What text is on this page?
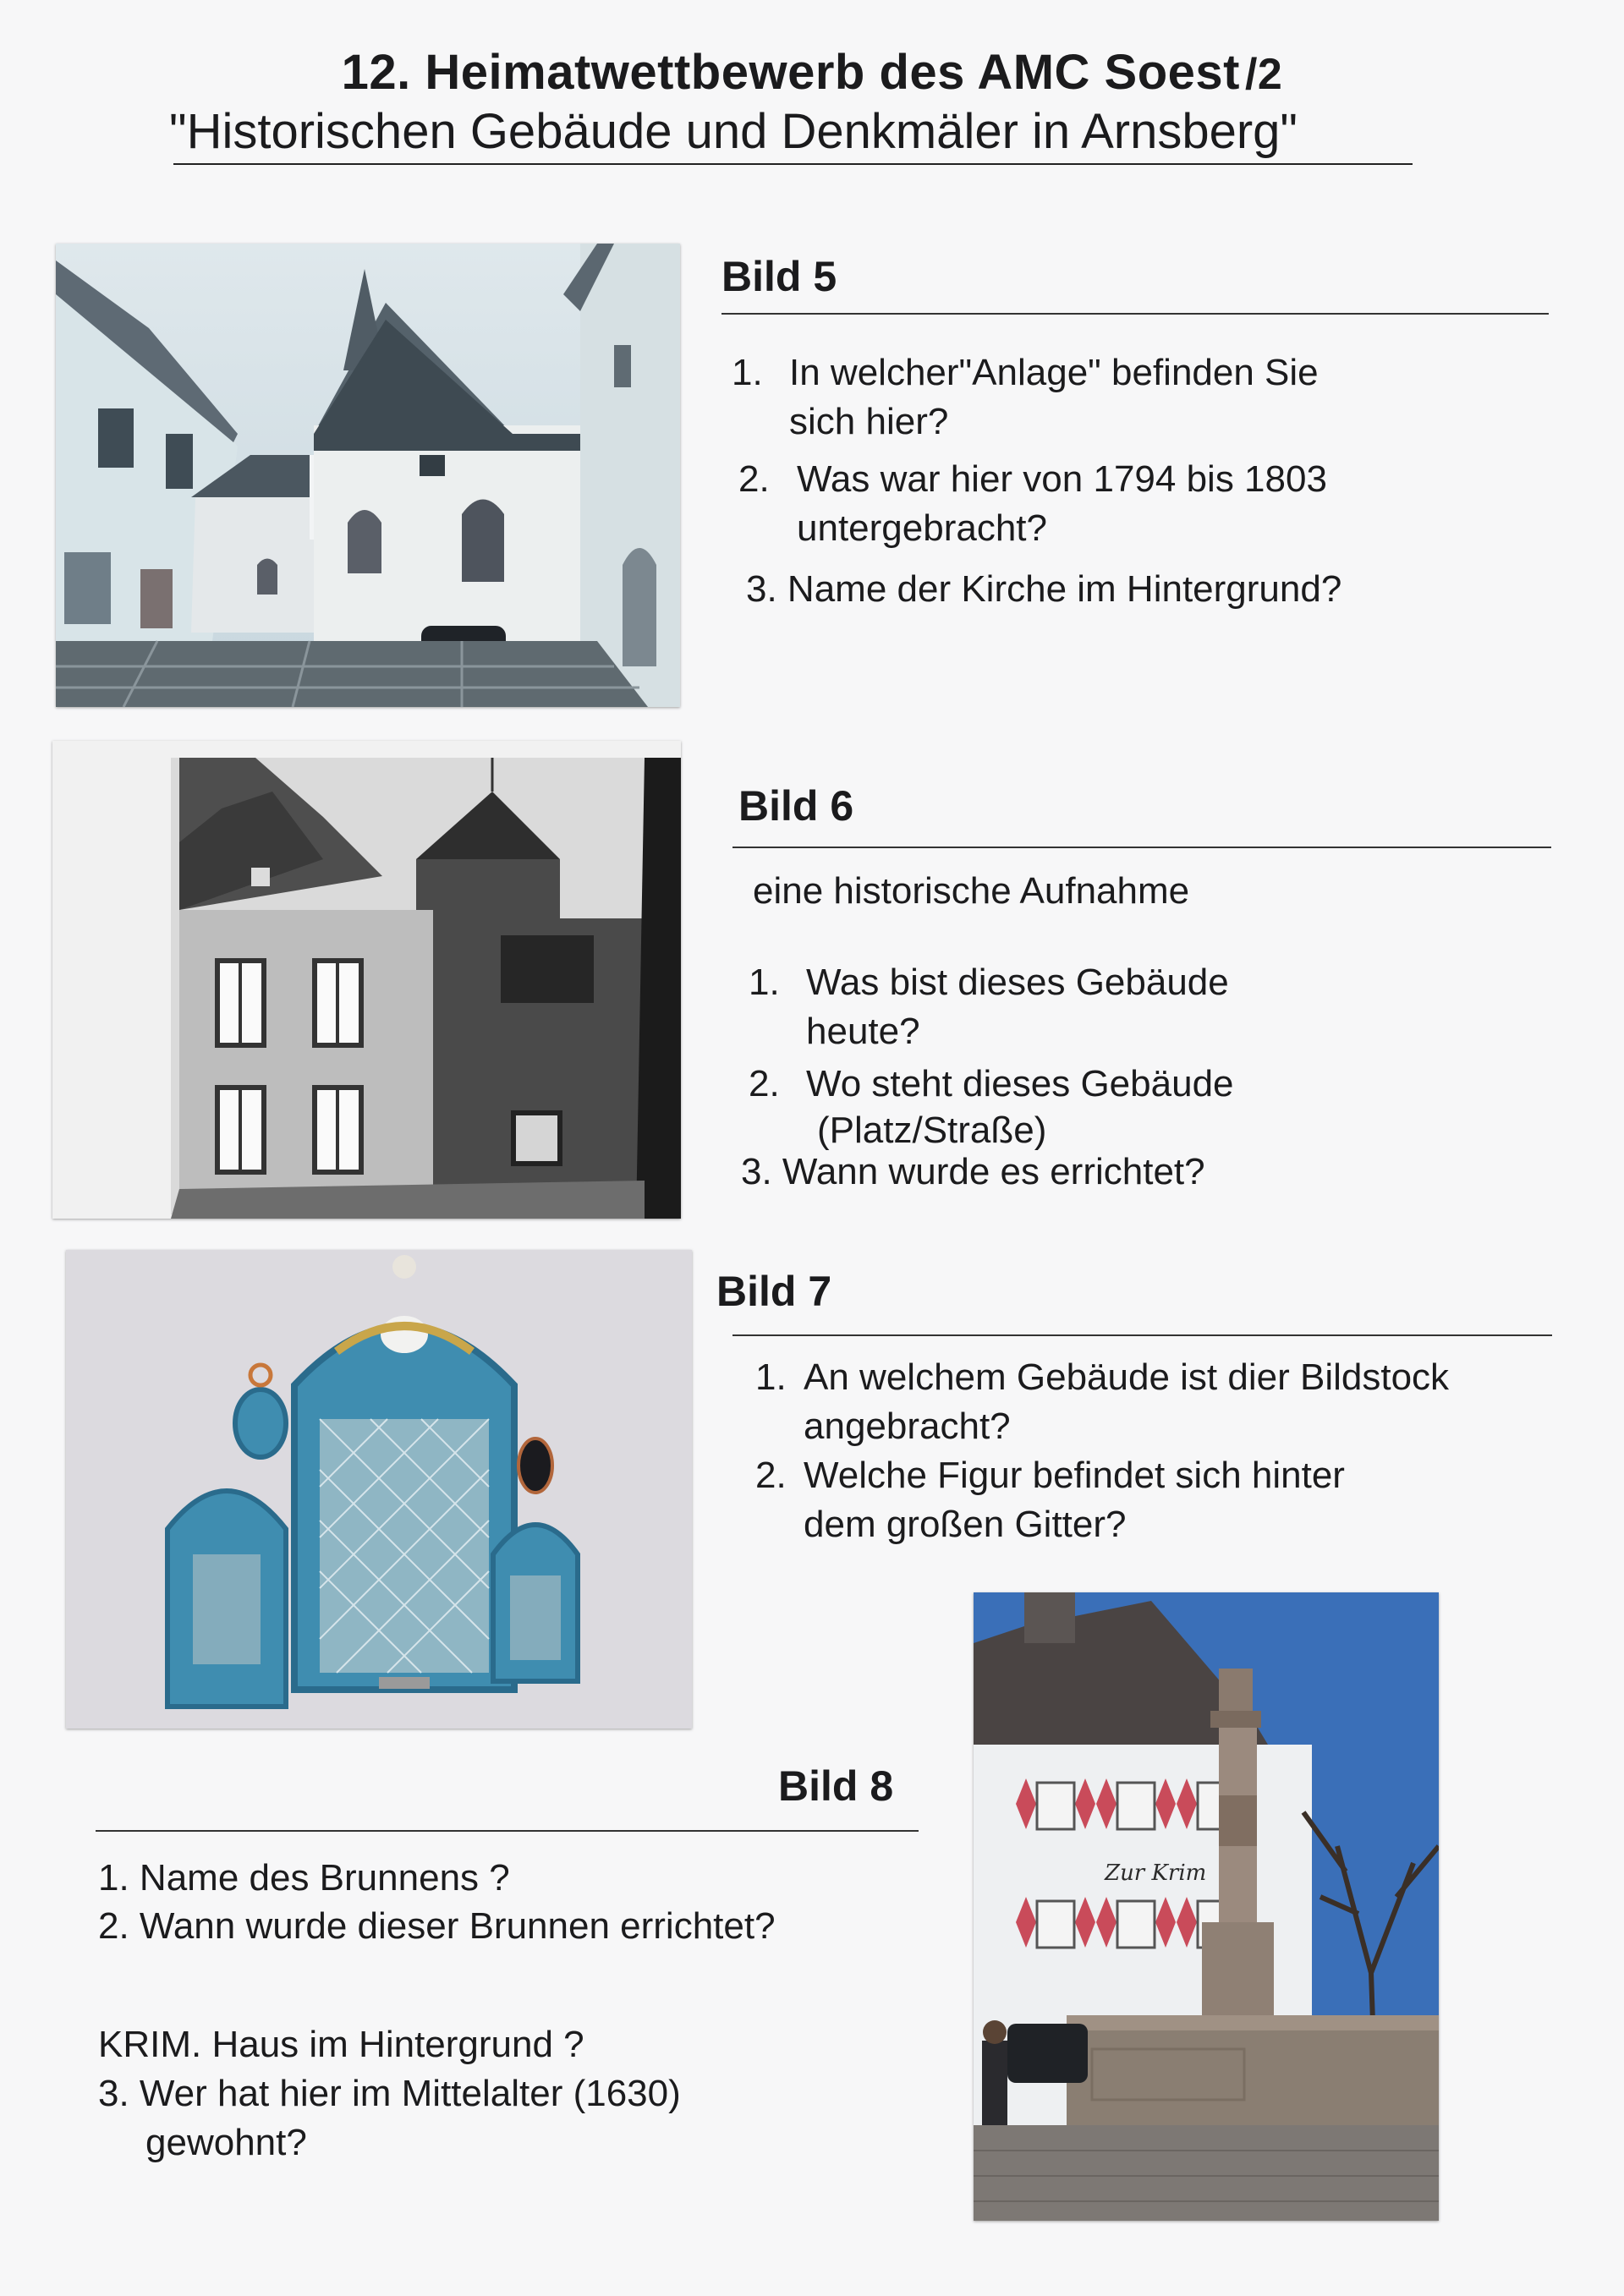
12. Heimatwettbewerb des AMC Soest /2
"Historischen Gebäude und Denkmäler in Arnsberg"
Bild 5
1. In welcher"Anlage" befinden Sie
sich hier?
2. Was war hier von 1794 bis 1803
untergebracht?
3. Name der Kirche im Hintergrund?
Bild 6
eine historische Aufnahme
1. Was bist dieses Gebäude
heute?
2. Wo steht dieses Gebäude
(Platz/Straße)
3. Wann wurde es errichtet?
Bild 7
1. An welchem Gebäude ist dier Bildstock
angebracht?
2. Welche Figur befindet sich hinter
dem großen Gitter?
Zur Krim
Bild 8
1. Name des Brunnens ?
2. Wann wurde dieser Brunnen errichtet?
KRIM. Haus im Hintergrund ?
3. Wer hat hier im Mittelalter (1630)
gewohnt?
